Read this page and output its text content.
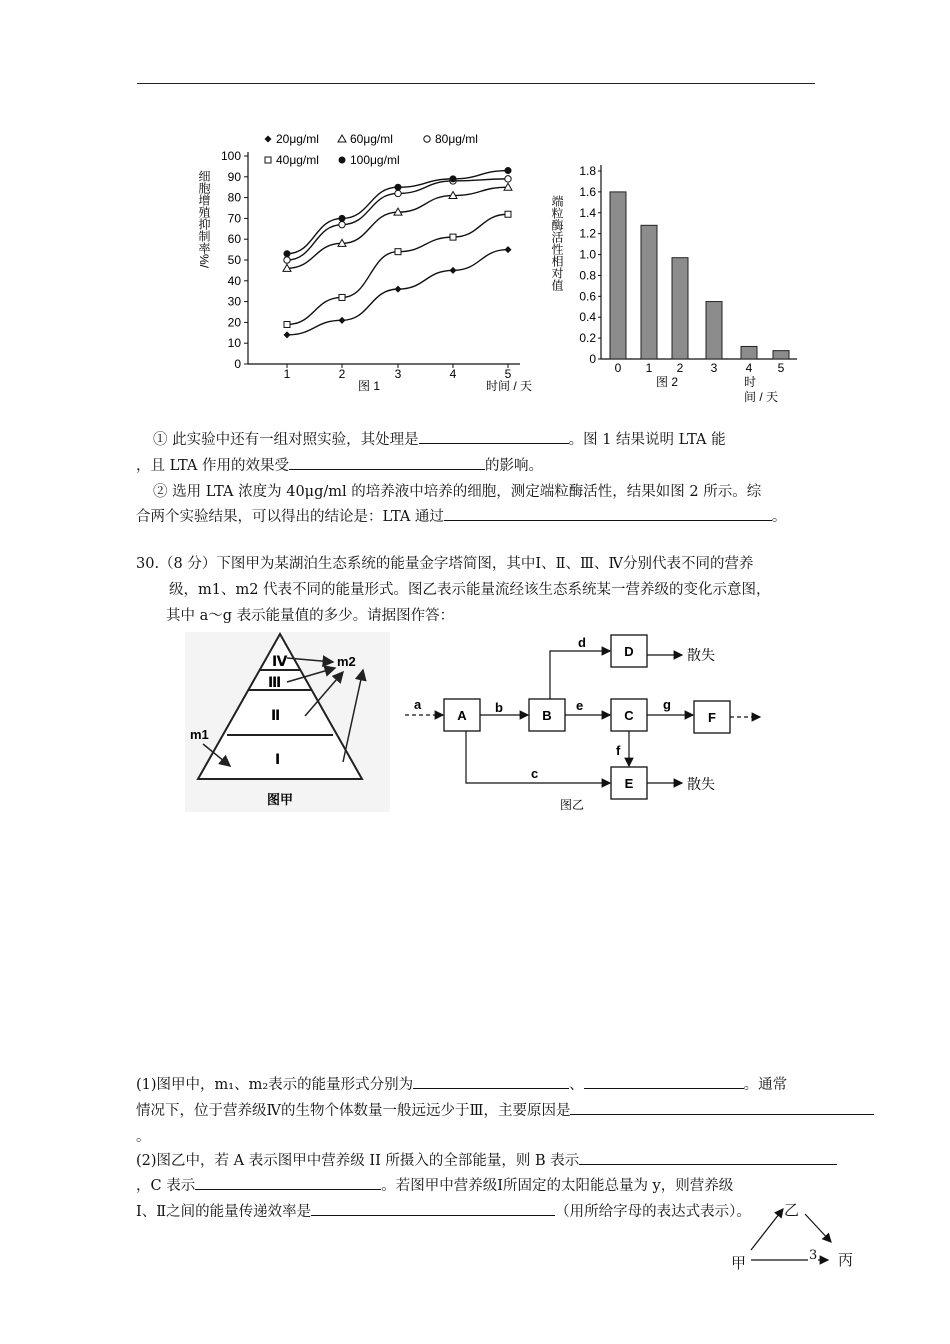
20μg/ml	60μg/ml	80μg/ml
40μg/ml	100μg/ml
100
90
80
70
60
50
40
30
20
10
0
1	2	3	4	5
细胞增殖抑制率%/
图 1	时间 / 天
1.8
1.6
1.4
1.2
1.0
0.8
0.6
0.4
0.2
0
0 1 2 3 4 5
端粒酶活性相对值
图 2	时间 / 天
① 此实验中还有一组对照实验，其处理是	。图 1 结果说明 LTA 能
，且 LTA 作用的效果受	的影响。
② 选用 LTA 浓度为 40μg/ml 的培养液中培养的细胞，测定端粒酶活性，结果如图 2 所示。综
合两个实验结果，可以得出的结论是：LTA 通过	。
30.（8 分）下图甲为某湖泊生态系统的能量金字塔简图，其中Ⅰ、Ⅱ、Ⅲ、Ⅳ分别代表不同的营养
级，m1、m2 代表不同的能量形式。图乙表示能量流经该生态系统某一营养级的变化示意图，
其中 a～g 表示能量值的多少。请据图作答：
Ⅳ
Ⅲ
Ⅱ
Ⅰ
m1
m2
图甲
A	B	C
D
E
F
a	b
c
d
e
f
g
散失
散失
图乙
(1)图甲中，m₁、m₂表示的能量形式分别为	、	。通常
情况下，位于营养级Ⅳ的生物个体数量一般远远少于Ⅲ，主要原因是
。
(2)图乙中，若 A 表示图甲中营养级 II 所摄入的全部能量，则 B 表示
，C 表示	。若图甲中营养级Ⅰ所固定的太阳能总量为 y，则营养级
Ⅰ、Ⅱ之间的能量传递效率是	（用所给字母的表达式表示）。 乙
甲	3 丙
